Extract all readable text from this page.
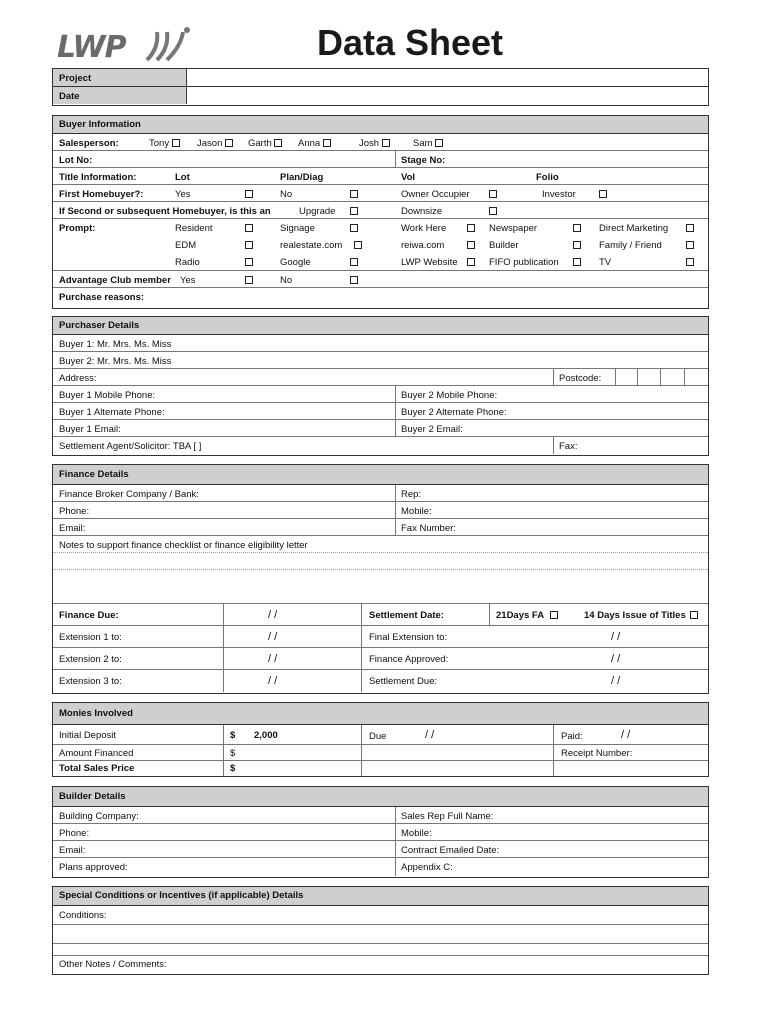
LWP	Data Sheet
Project
Date
Buyer Information
Salesperson:	Tony	Jason	Garth	Anna	Josh	Sam
Lot No:	Stage No:
Title Information:	Lot	Plan/Diag	Vol	Folio
First Homebuyer?:	Yes	No	Owner Occupier	Investor
If Second or subsequent Homebuyer, is this an	Upgrade	Downsize
Prompt:	Resident	Signage	Work Here	Newspaper	Direct Marketing
EDM	realestate.com	reiwa.com	Builder	Family / Friend
Radio	Google	LWP Website	FIFO publication	TV
Advantage Club member Yes	No
Purchase reasons:
Purchaser Details
Buyer 1: Mr. Mrs. Ms. Miss
Buyer 2: Mr. Mrs. Ms. Miss
Address:	Postcode:
Buyer 1 Mobile Phone:	Buyer 2 Mobile Phone:
Buyer 1 Alternate Phone:	Buyer 2 Alternate Phone:
Buyer 1 Email:	Buyer 2 Email:
Settlement Agent/Solicitor: TBA [ ]	Fax:
Finance Details
Finance Broker Company / Bank:	Rep:
Phone:	Mobile:
Email:	Fax Number:
Notes to support finance checklist or finance eligibility letter
Finance Due:	/ /	Settlement Date:	21Days FA	14 Days Issue of Titles
Extension 1 to:	/ /	Final Extension to:	/ /
Extension 2 to:	/ /	Finance Approved:	/ /
Extension 3 to:	/ /	Settlement Due:	/ /
Monies Involved
Initial Deposit	$ 2,000	Due	/ /	Paid:	/ /
Amount Financed	$	Receipt Number:
Total Sales Price	$
Builder Details
Building Company:	Sales Rep Full Name:
Phone:	Mobile:
Email:	Contract Emailed Date:
Plans approved:	Appendix C:
Special Conditions or Incentives (if applicable) Details
Conditions:
Other Notes / Comments:
